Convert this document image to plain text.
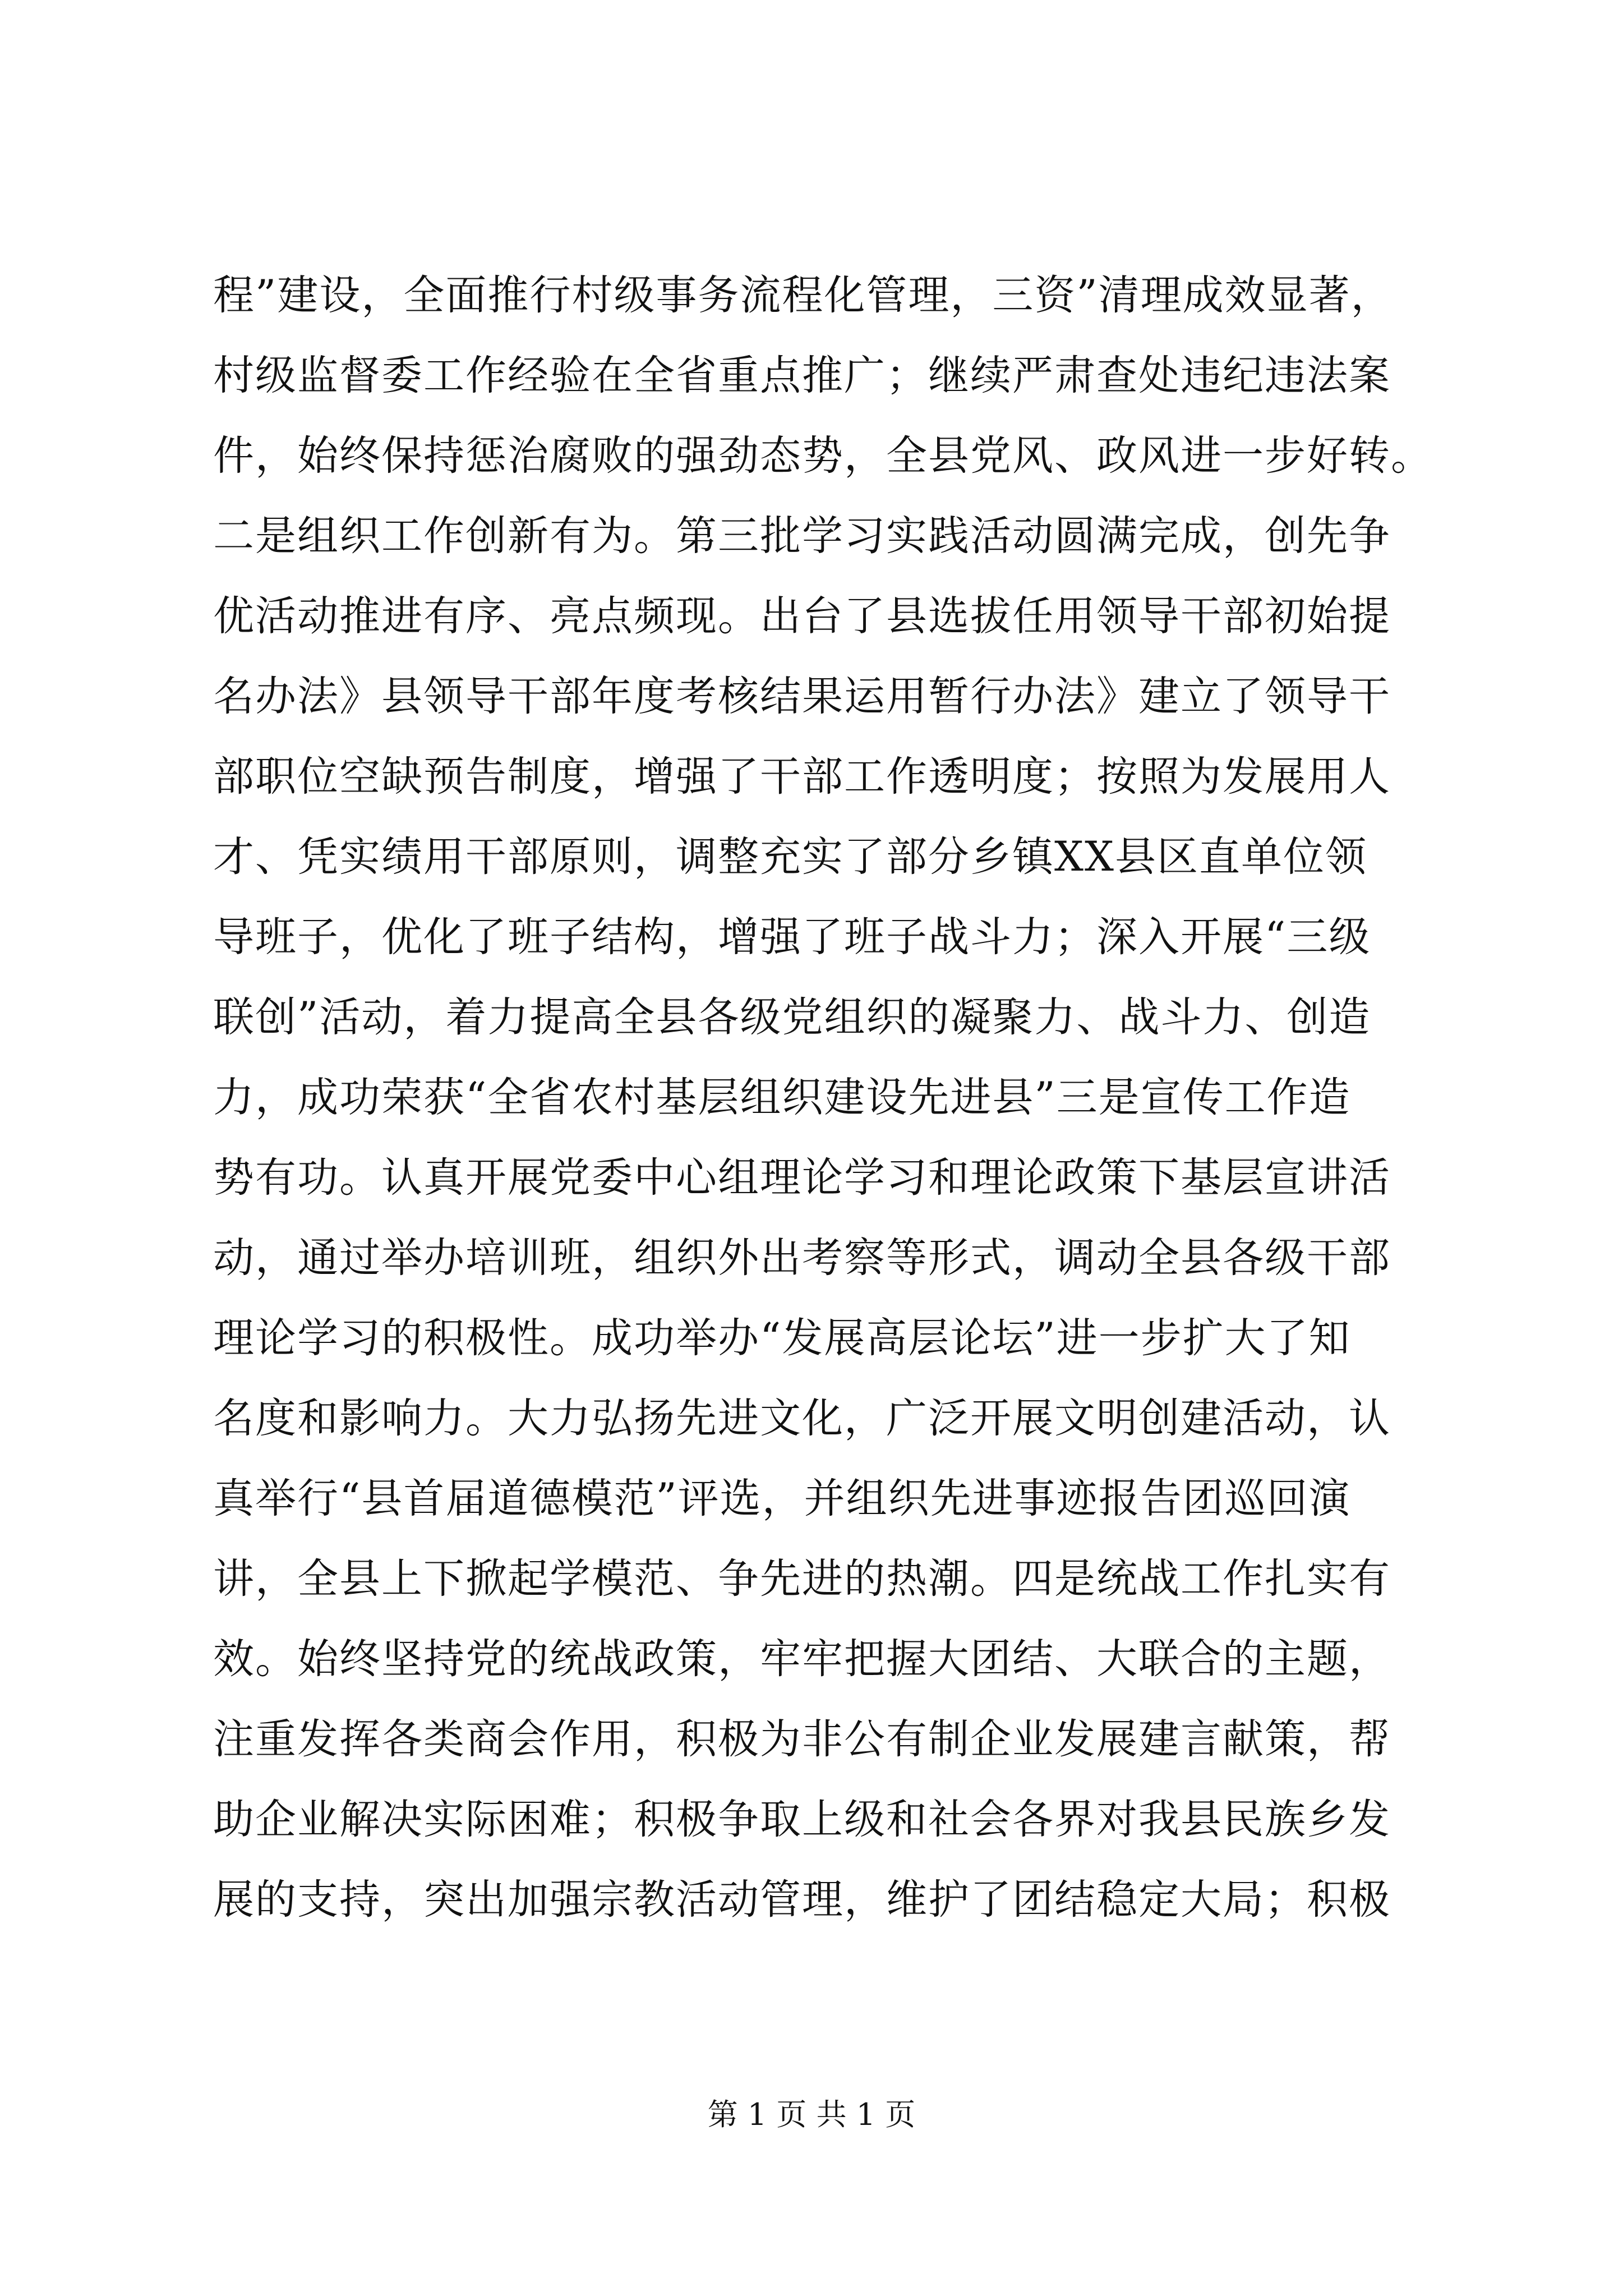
程”建设，全面推行村级事务流程化管理，三资”清理成效显著，
村级监督委工作经验在全省重点推广；继续严肃查处违纪违法案
件，始终保持惩治腐败的强劲态势，全县党风、政风进一步好转。
二是组织工作创新有为。第三批学习实践活动圆满完成，创先争
优活动推进有序、亮点频现。出台了县选拔任用领导干部初始提
名办法》县领导干部年度考核结果运用暂行办法》建立了领导干
部职位空缺预告制度，增强了干部工作透明度；按照为发展用人
才、凭实绩用干部原则，调整充实了部分乡镇XX县区直单位领
导班子，优化了班子结构，增强了班子战斗力；深入开展“三级
联创”活动，着力提高全县各级党组织的凝聚力、战斗力、创造
力，成功荣获“全省农村基层组织建设先进县”三是宣传工作造
势有功。认真开展党委中心组理论学习和理论政策下基层宣讲活
动，通过举办培训班，组织外出考察等形式，调动全县各级干部
理论学习的积极性。成功举办“发展高层论坛”进一步扩大了知
名度和影响力。大力弘扬先进文化，广泛开展文明创建活动，认
真举行“县首届道德模范”评选，并组织先进事迹报告团巡回演
讲，全县上下掀起学模范、争先进的热潮。四是统战工作扎实有
效。始终坚持党的统战政策，牢牢把握大团结、大联合的主题，
注重发挥各类商会作用，积极为非公有制企业发展建言献策，帮
助企业解决实际困难；积极争取上级和社会各界对我县民族乡发
展的支持，突出加强宗教活动管理，维护了团结稳定大局；积极
第 1 页 共 1 页
